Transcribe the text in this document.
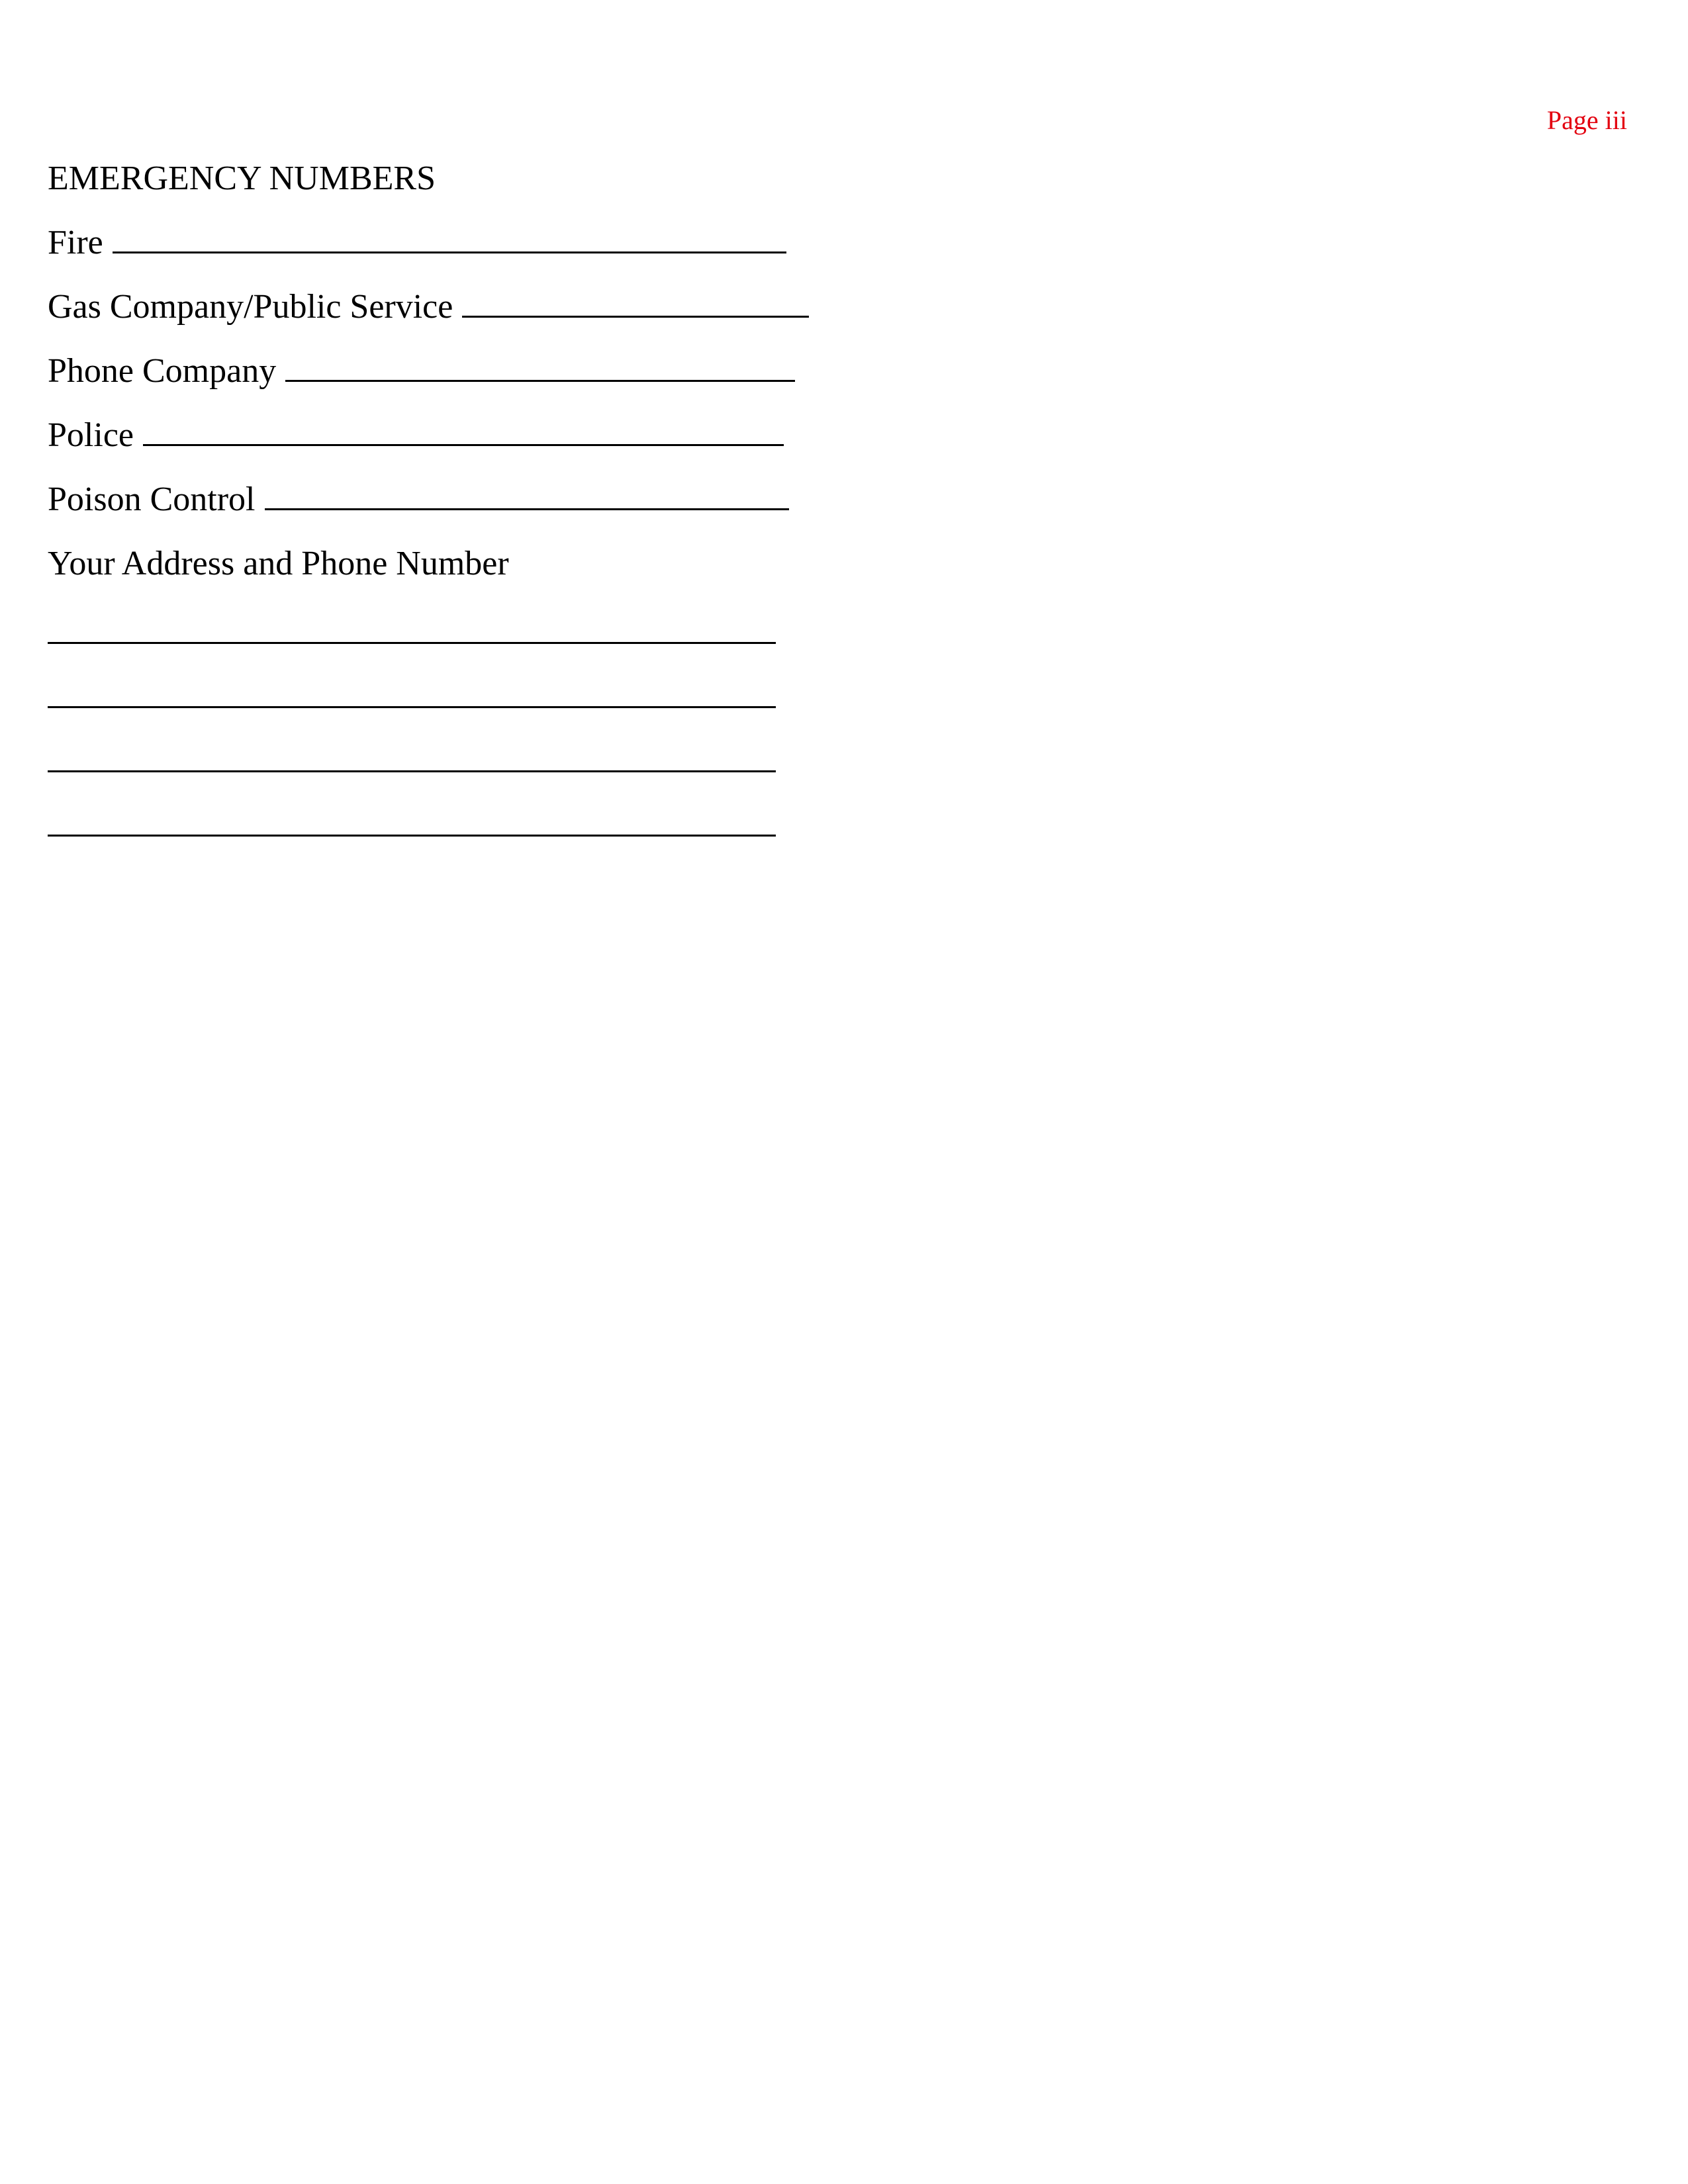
Page iii
EMERGENCY NUMBERS
Fire
Gas Company/Public Service
Phone Company
Police
Poison Control
Your Address and Phone Number
